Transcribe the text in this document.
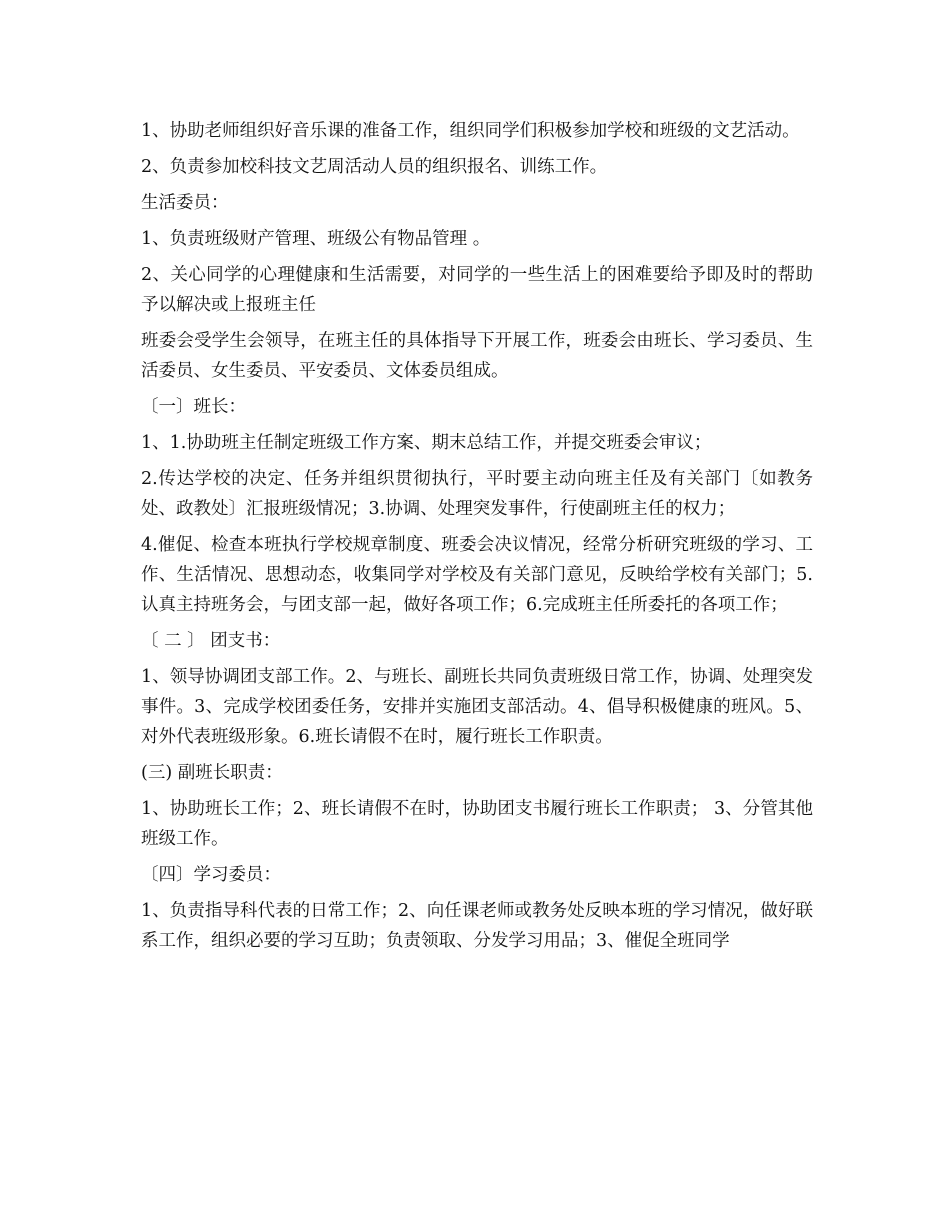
1、协助老师组织好音乐课的准备工作，组织同学们积极参加学校和班级的文艺活动。

2、负责参加校科技文艺周活动人员的组织报名、训练工作。

生活委员：

1、负责班级财产管理、班级公有物品管理 。

2、关心同学的心理健康和生活需要，对同学的一些生活上的困难要给予即及时的帮助予以解决或上报班主任

班委会受学生会领导，在班主任的具体指导下开展工作，班委会由班长、学习委员、生活委员、女生委员、平安委员、文体委员组成。

〔一〕班长：

1、1.协助班主任制定班级工作方案、期末总结工作，并提交班委会审议；

2.传达学校的决定、任务并组织贯彻执行，平时要主动向班主任及有关部门〔如教务处、政教处〕汇报班级情况；3.协调、处理突发事件，行使副班主任的权力；

4.催促、检查本班执行学校规章制度、班委会决议情况，经常分析研究班级的学习、工作、生活情况、思想动态，收集同学对学校及有关部门意见，反映给学校有关部门；5.认真主持班务会，与团支部一起，做好各项工作；6.完成班主任所委托的各项工作；

〔 二 〕 团支书：

1、领导协调团支部工作。2、与班长、副班长共同负责班级日常工作，协调、处理突发事件。3、完成学校团委任务，安排并实施团支部活动。4、倡导积极健康的班风。5、对外代表班级形象。6.班长请假不在时，履行班长工作职责。

(三) 副班长职责：

1、协助班长工作；2、班长请假不在时，协助团支书履行班长工作职责； 3、分管其他 班级工作。

〔四〕学习委员：

1、负责指导科代表的日常工作；2、向任课老师或教务处反映本班的学习情况，做好联系工作，组织必要的学习互助；负责领取、分发学习用品；3、催促全班同学
